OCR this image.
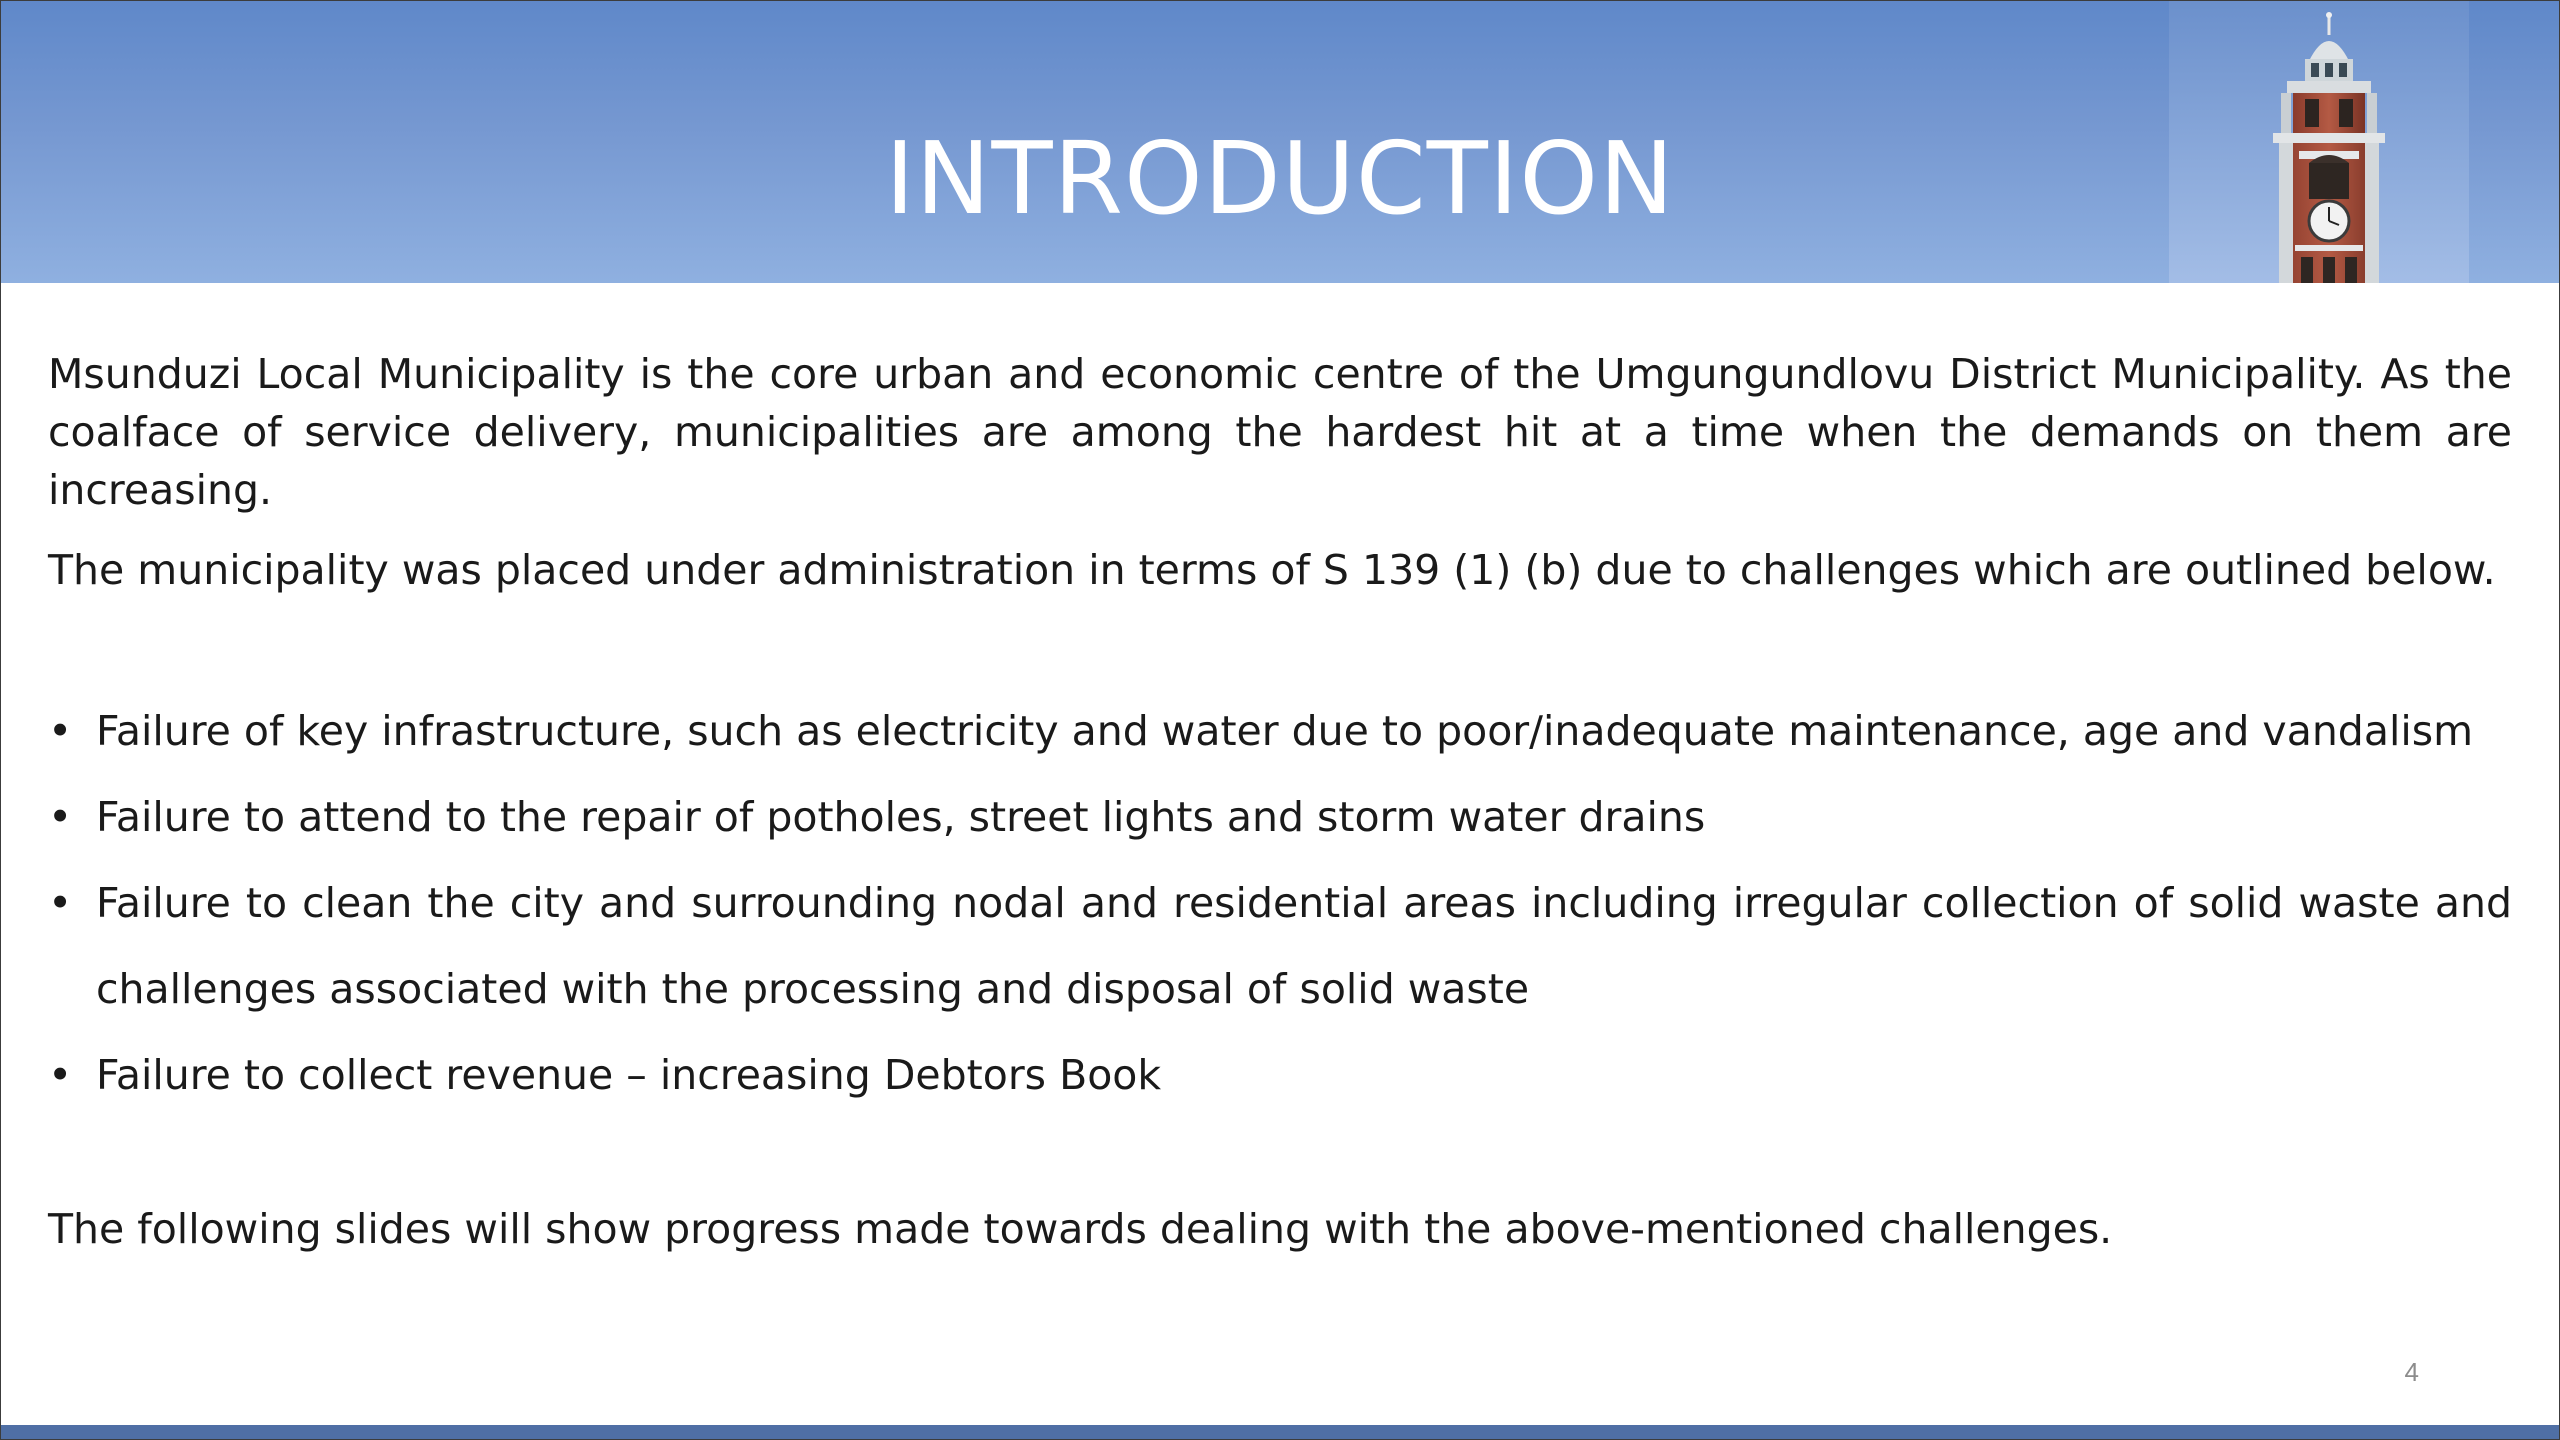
INTRODUCTION

Msunduzi Local Municipality is the core urban and economic centre of the Umgungundlovu District Municipality. As the coalface of service delivery, municipalities are among the hardest hit at a time when the demands on them are increasing.

The municipality was placed under administration in terms of S 139 (1) (b) due to challenges which are outlined below.

• Failure of key infrastructure, such as electricity and water due to poor/inadequate maintenance, age and vandalism
• Failure to attend to the repair of potholes, street lights and storm water drains
• Failure to clean the city and surrounding nodal and residential areas including irregular collection of solid waste and challenges associated with the processing and disposal of solid waste
• Failure to collect revenue – increasing Debtors Book

The following slides will show progress made towards dealing with the above-mentioned challenges.

4
